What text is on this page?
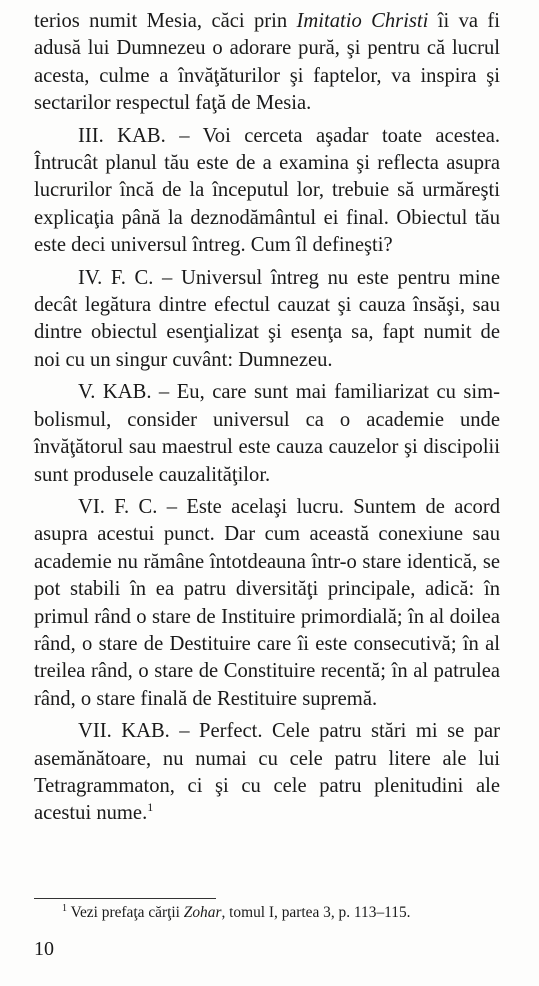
terios numit Mesia, căci prin Imitatio Christi îi va fi adusă lui Dumnezeu o adorare pură, şi pentru că lucrul acesta, culme a învăţăturilor şi faptelor, va inspira şi sectarilor respectul faţă de Mesia.

III. KAB. – Voi cerceta aşadar toate acestea. Întrucât planul tău este de a examina şi reflecta asupra lucrurilor încă de la începutul lor, trebuie să urmăreşti explicaţia până la deznodământul ei final. Obiectul tău este deci universul întreg. Cum îl defineşti?

IV. F. C. – Universul întreg nu este pentru mine decât legătura dintre efectul cauzat şi cauza însăşi, sau dintre obiectul esenţializat şi esenţa sa, fapt numit de noi cu un singur cuvânt: Dumnezeu.

V. KAB. – Eu, care sunt mai familiarizat cu simbolismul, consider universul ca o academie unde învăţătorul sau maestrul este cauza cauzelor şi discipolii sunt produsele cauzalităţilor.

VI. F. C. – Este acelaşi lucru. Suntem de acord asupra acestui punct. Dar cum această conexiune sau academie nu rămâne întotdeauna într-o stare identică, se pot stabili în ea patru diversităţi principale, adică: în primul rând o stare de Instituire primordială; în al doilea rând, o stare de Destituire care îi este consecutivă; în al treilea rând, o stare de Constituire recentă; în al patrulea rând, o stare finală de Restituire supremă.

VII. KAB. – Perfect. Cele patru stări mi se par asemănătoare, nu numai cu cele patru litere ale lui Tetragrammaton, ci şi cu cele patru plenitudini ale acestui nume.$^1$

$^1$ Vezi prefaţa cărţii Zohar, tomul I, partea 3, p. 113–115.
10
